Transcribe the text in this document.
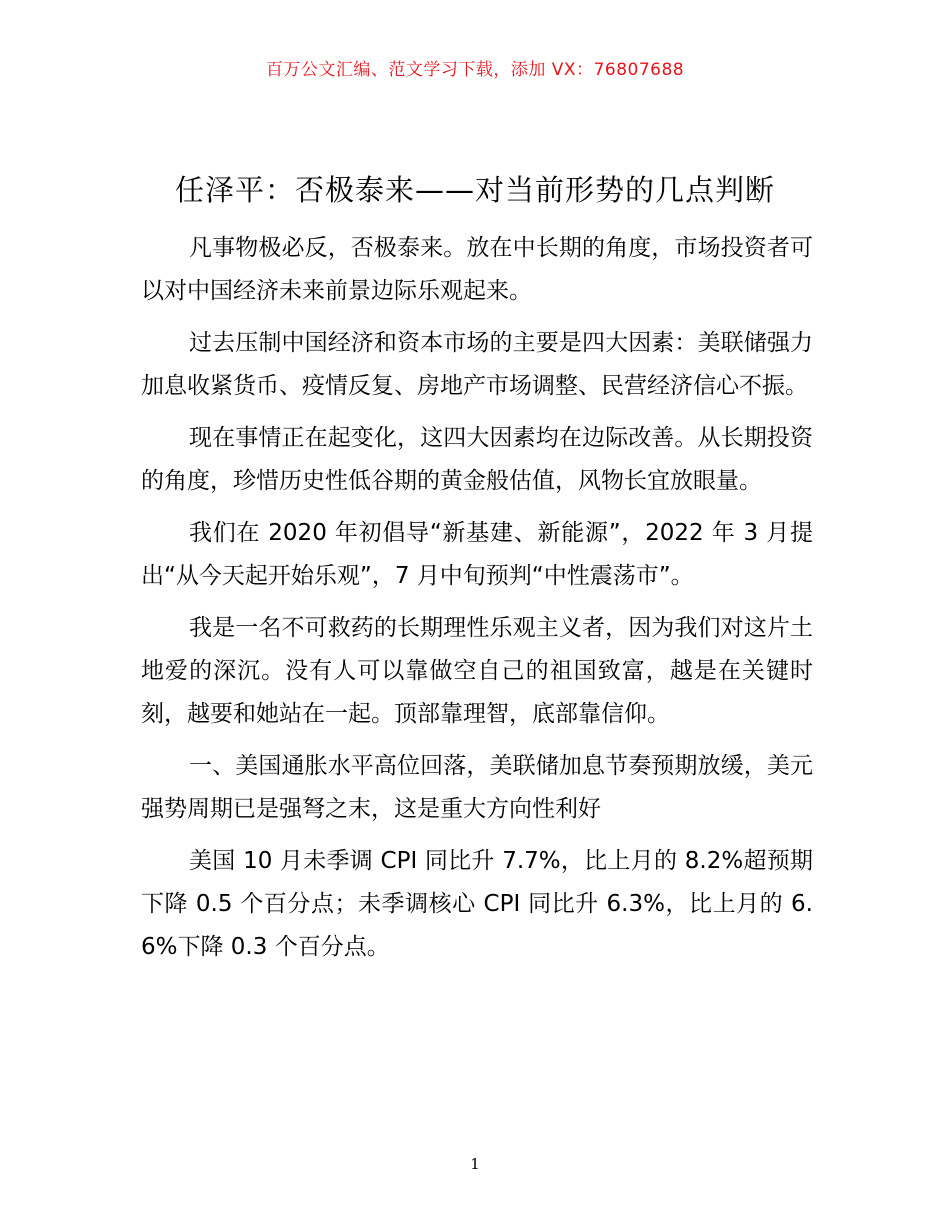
百万公文汇编、范文学习下载，添加 VX：76807688
任泽平：否极泰来——对当前形势的几点判断

凡事物极必反，否极泰来。放在中长期的角度，市场投资者可以对中国经济未来前景边际乐观起来。

过去压制中国经济和资本市场的主要是四大因素：美联储强力加息收紧货币、疫情反复、房地产市场调整、民营经济信心不振。

现在事情正在起变化，这四大因素均在边际改善。从长期投资的角度，珍惜历史性低谷期的黄金般估值，风物长宜放眼量。

我们在 2020 年初倡导“新基建、新能源”，2022 年 3 月提出“从今天起开始乐观”，7 月中旬预判“中性震荡市”。

我是一名不可救药的长期理性乐观主义者，因为我们对这片土地爱的深沉。没有人可以靠做空自己的祖国致富，越是在关键时刻，越要和她站在一起。顶部靠理智，底部靠信仰。

一、美国通胀水平高位回落，美联储加息节奏预期放缓，美元强势周期已是强弩之末，这是重大方向性利好

美国 10 月未季调 CPI 同比升 7.7%，比上月的 8.2%超预期下降 0.5 个百分点；未季调核心 CPI 同比升 6.3%，比上月的 6.6%下降 0.3 个百分点。

1
